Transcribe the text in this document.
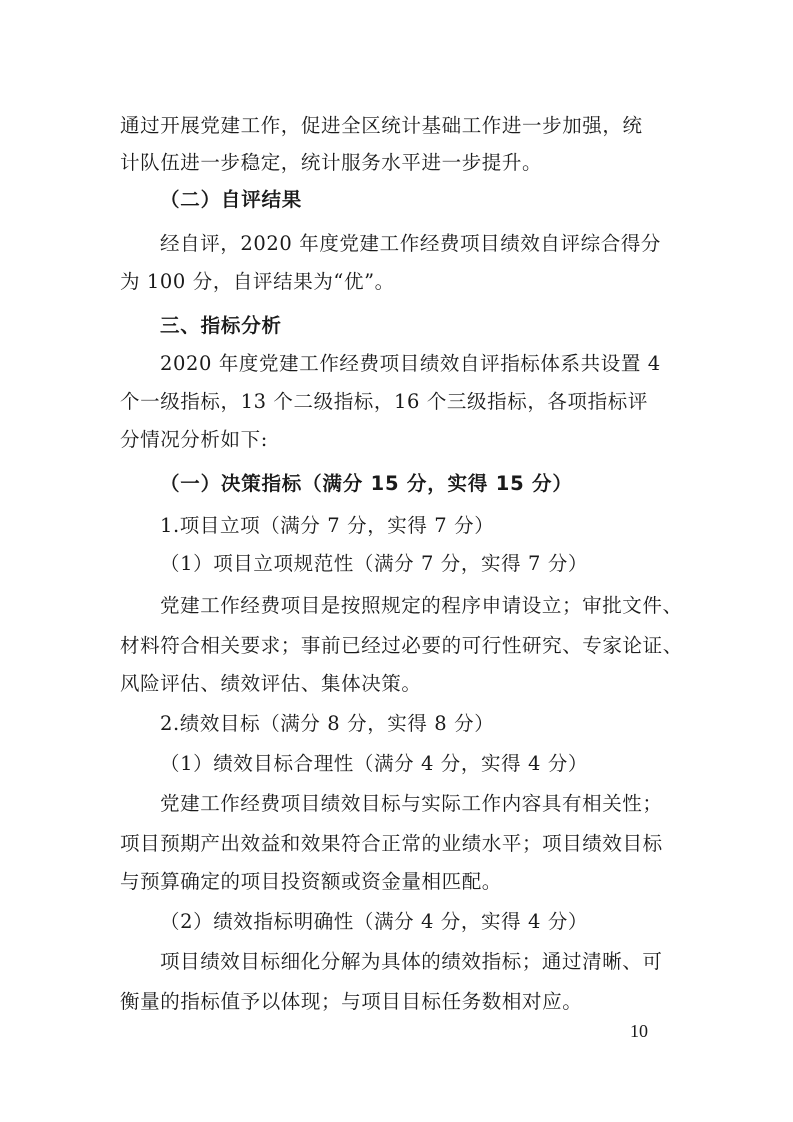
通过开展党建工作，促进全区统计基础工作进一步加强，统
计队伍进一步稳定，统计服务水平进一步提升。
（二）自评结果
经自评，2020 年度党建工作经费项目绩效自评综合得分
为 100 分，自评结果为“优”。
三、指标分析
2020 年度党建工作经费项目绩效自评指标体系共设置 4
个一级指标，13 个二级指标，16 个三级指标，各项指标评
分情况分析如下:
（一）决策指标（满分 15 分，实得 15 分）
1.项目立项（满分 7 分，实得 7 分）
（1）项目立项规范性（满分 7 分，实得 7 分）
党建工作经费项目是按照规定的程序申请设立；审批文件、
材料符合相关要求；事前已经过必要的可行性研究、专家论证、
风险评估、绩效评估、集体决策。
2.绩效目标（满分 8 分，实得 8 分）
（1）绩效目标合理性（满分 4 分，实得 4 分）
党建工作经费项目绩效目标与实际工作内容具有相关性；
项目预期产出效益和效果符合正常的业绩水平；项目绩效目标
与预算确定的项目投资额或资金量相匹配。
（2）绩效指标明确性（满分 4 分，实得 4 分）
项目绩效目标细化分解为具体的绩效指标；通过清晰、可
衡量的指标值予以体现；与项目目标任务数相对应。
10
